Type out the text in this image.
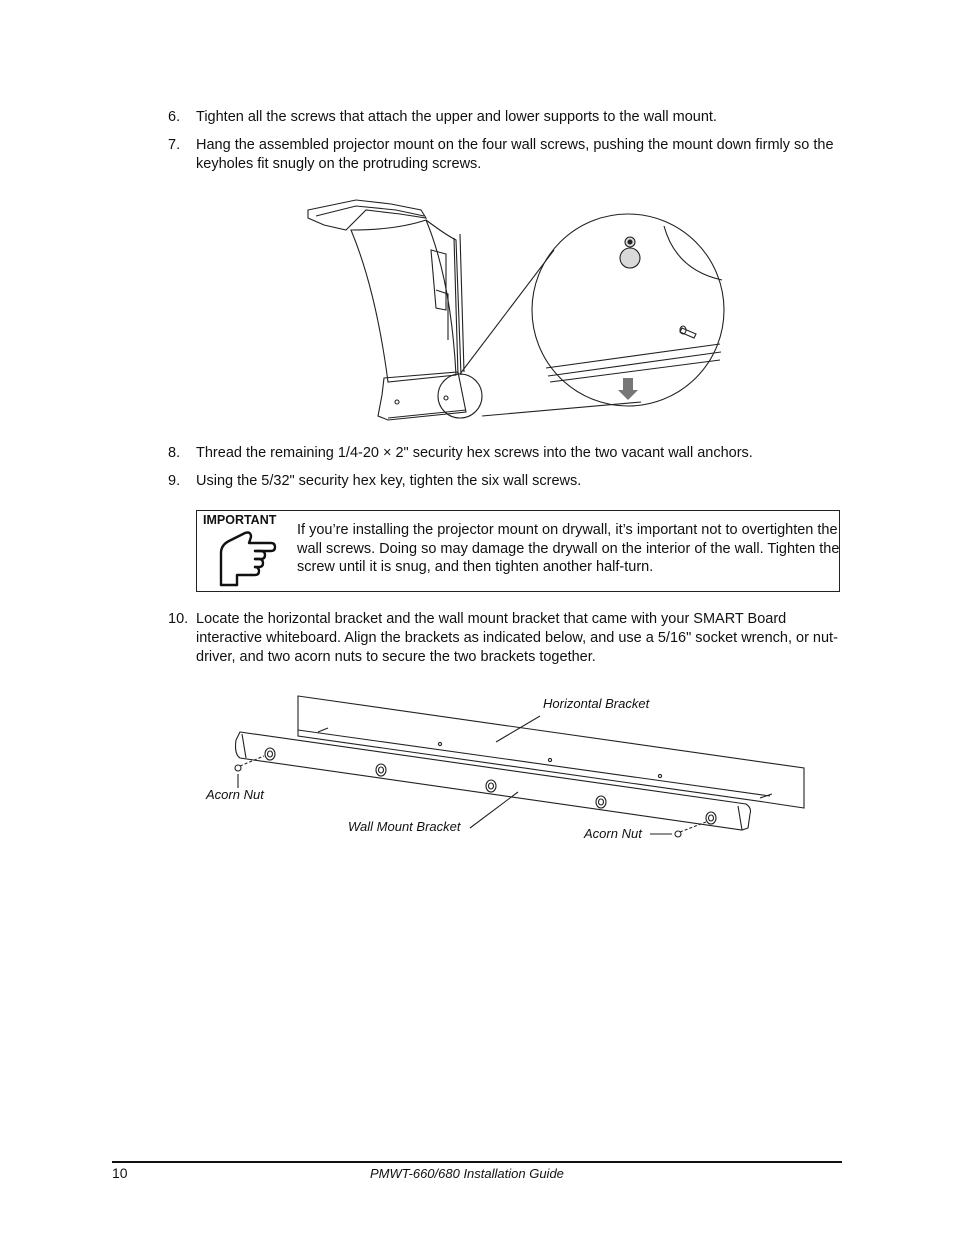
6. Tighten all the screws that attach the upper and lower supports to the wall mount.
7. Hang the assembled projector mount on the four wall screws, pushing the mount down firmly so the keyholes fit snugly on the protruding screws.
8. Thread the remaining 1/4-20 × 2" security hex screws into the two vacant wall anchors.
9. Using the 5/32" security hex key, tighten the six wall screws.
IMPORTANT
If you’re installing the projector mount on drywall, it’s important not to overtighten the wall screws. Doing so may damage the drywall on the interior of the wall. Tighten the screw until it is snug, and then tighten another half-turn.
10. Locate the horizontal bracket and the wall mount bracket that came with your SMART Board interactive whiteboard. Align the brackets as indicated below, and use a 5/16" socket wrench, or nut-driver, and two acorn nuts to secure the two brackets together.
Horizontal Bracket
Acorn Nut
Wall Mount Bracket	Acorn Nut
10	PMWT-660/680 Installation Guide
